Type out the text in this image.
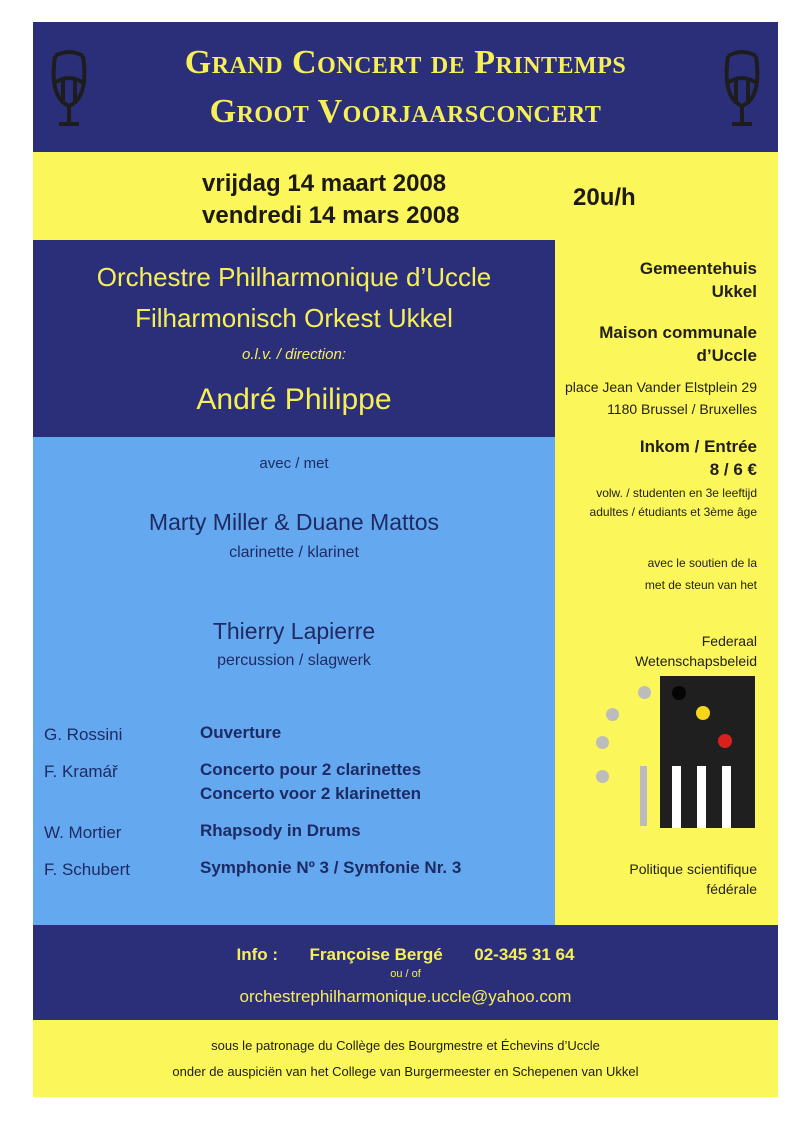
Grand Concert de Printemps
Groot Voorjaarsconcert
vrijdag 14 maart 2008
vendredi 14 mars 2008
20u/h
Orchestre Philharmonique d’Uccle
Filharmonisch Orkest Ukkel
o.l.v. / direction:
André Philippe
avec / met
Marty Miller & Duane Mattos
clarinette / klarinet
Thierry Lapierre
percussion / slagwerk
G. Rossini	Ouverture
F. Kramář	Concerto pour 2 clarinettes
Concerto voor 2 klarinetten
W. Mortier	Rhapsody in Drums
F. Schubert	Symphonie Nº 3 / Symfonie Nr. 3
Gemeentehuis
Ukkel
Maison communale
d’Uccle
place Jean Vander Elstplein 29
1180 Brussel / Bruxelles
Inkom / Entrée
8 / 6 €
volw. / studenten en 3e leeftijd
adultes / étudiants et 3ème âge
avec le soutien de la
met de steun van het
Federaal
Wetenschapsbeleid
Politique scientifique
fédérale
Info : Françoise Bergé 02-345 31 64
ou / of
orchestrephilharmonique.uccle@yahoo.com
sous le patronage du Collège des Bourgmestre et Échevins d’Uccle
onder de auspiciën van het College van Burgermeester en Schepenen van Ukkel
